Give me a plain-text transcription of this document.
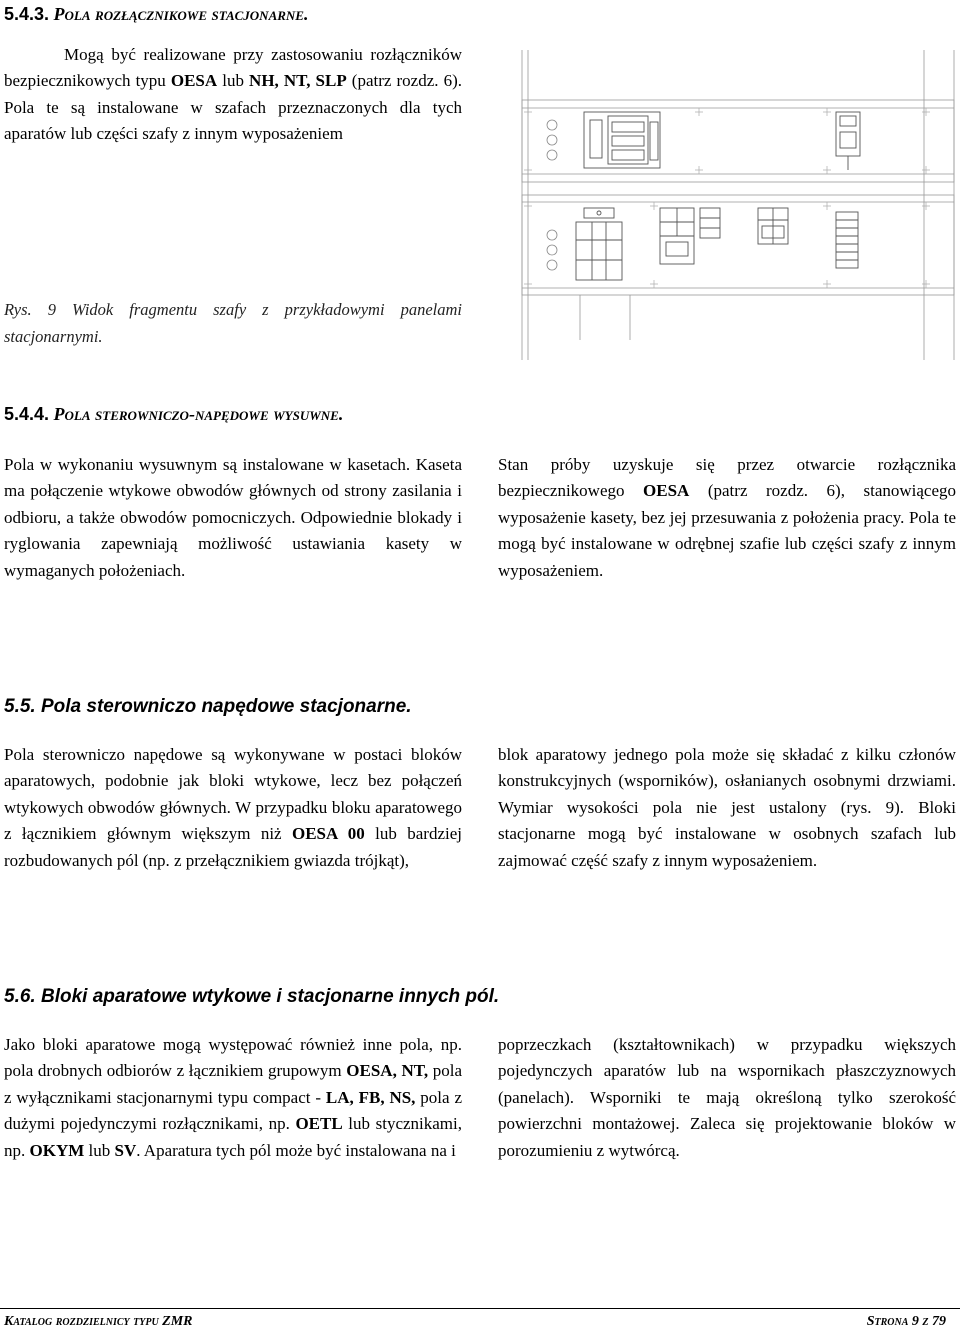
5.4.3. Pola rozłącznikowe stacjonarne.
Mogą być realizowane przy zastosowaniu rozłączników bezpiecznikowych typu OESA lub NH, NT, SLP (patrz rozdz. 6). Pola te są instalowane w szafach przeznaczonych dla tych aparatów lub części szafy z innym wyposażeniem
Rys. 9 Widok fragmentu szafy z przykładowymi panelami stacjonarnymi.
5.4.4. Pola sterowniczo-napędowe wysuwne.
Pola w wykonaniu wysuwnym są instalowane w kasetach. Kaseta ma połączenie wtykowe obwodów głównych od strony zasilania i odbioru, a także obwodów pomocniczych. Odpowiednie blokady i ryglowania zapewniają możliwość ustawiania kasety w wymaganych położeniach.
Stan próby uzyskuje się przez otwarcie rozłącznika bezpiecznikowego OESA (patrz rozdz. 6), stanowiącego wyposażenie kasety, bez jej przesuwania z położenia pracy. Pola te mogą być instalowane w odrębnej szafie lub części szafy z innym wyposażeniem.
5.5. Pola sterowniczo napędowe stacjonarne.
Pola sterowniczo napędowe są wykonywane w postaci bloków aparatowych, podobnie jak bloki wtykowe, lecz bez połączeń wtykowych obwodów głównych. W przypadku bloku aparatowego z łącznikiem głównym większym niż OESA 00 lub bardziej rozbudowanych pól (np. z przełącznikiem gwiazda trójkąt),
blok aparatowy jednego pola może się składać z kilku członów konstrukcyjnych (wsporników), osłanianych osobnymi drzwiami. Wymiar wysokości pola nie jest ustalony (rys. 9). Bloki stacjonarne mogą być instalowane w osobnych szafach lub zajmować część szafy z innym wyposażeniem.
5.6. Bloki aparatowe wtykowe i stacjonarne innych pól.
Jako bloki aparatowe mogą występować również inne pola, np. pola drobnych odbiorów z łącznikiem grupowym OESA, NT, pola z wyłącznikami stacjonarnymi typu compact - LA, FB, NS, pola z dużymi pojedynczymi rozłącznikami, np. OETL lub stycznikami, np. OKYM lub SV. Aparatura tych pól może być instalowana na i
poprzeczkach (kształtownikach) w przypadku większych pojedynczych aparatów lub na wspornikach płaszczyznowych (panelach). Wsporniki te mają określoną tylko szerokość powierzchni montażowej. Zaleca się projektowanie bloków w porozumieniu z wytwórcą.
Katalog rozdzielnicy typu ZMR	Strona 9 z 79
